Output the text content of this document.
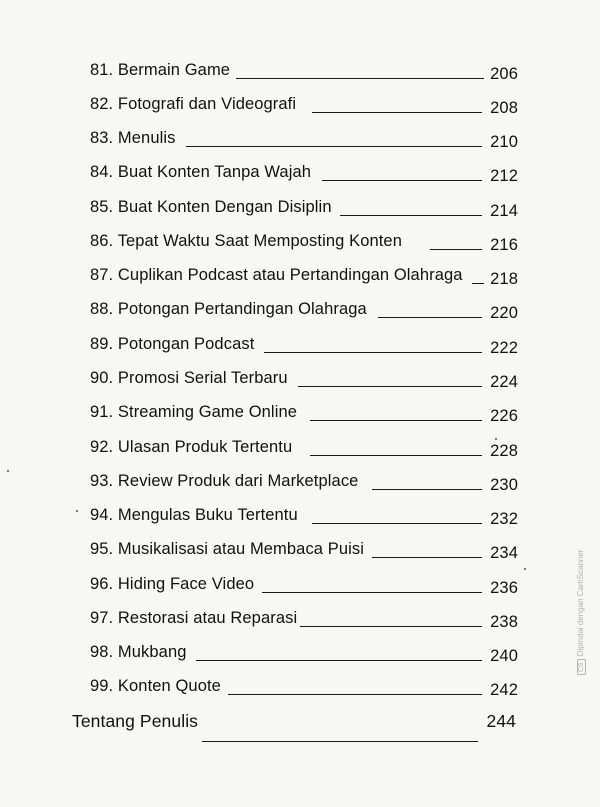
81. Bermain Game	206
82. Fotografi dan Videografi	208
83. Menulis	210
84. Buat Konten Tanpa Wajah	212
85. Buat Konten Dengan Disiplin	214
86. Tepat Waktu Saat Memposting Konten	216
87. Cuplikan Podcast atau Pertandingan Olahraga 218
88. Potongan Pertandingan Olahraga	220
89. Potongan Podcast	222
90. Promosi Serial Terbaru	224
91. Streaming Game Online	226
92. Ulasan Produk Tertentu	228
93. Review Produk dari Marketplace	230
94. Mengulas Buku Tertentu	232
95. Musikalisasi atau Membaca Puisi	234
96. Hiding Face Video	236
97. Restorasi atau Reparasi	238
98. Mukbang	240
99. Konten Quote	242
Tentang Penulis	244
CSDipindai dengan CamScanner
